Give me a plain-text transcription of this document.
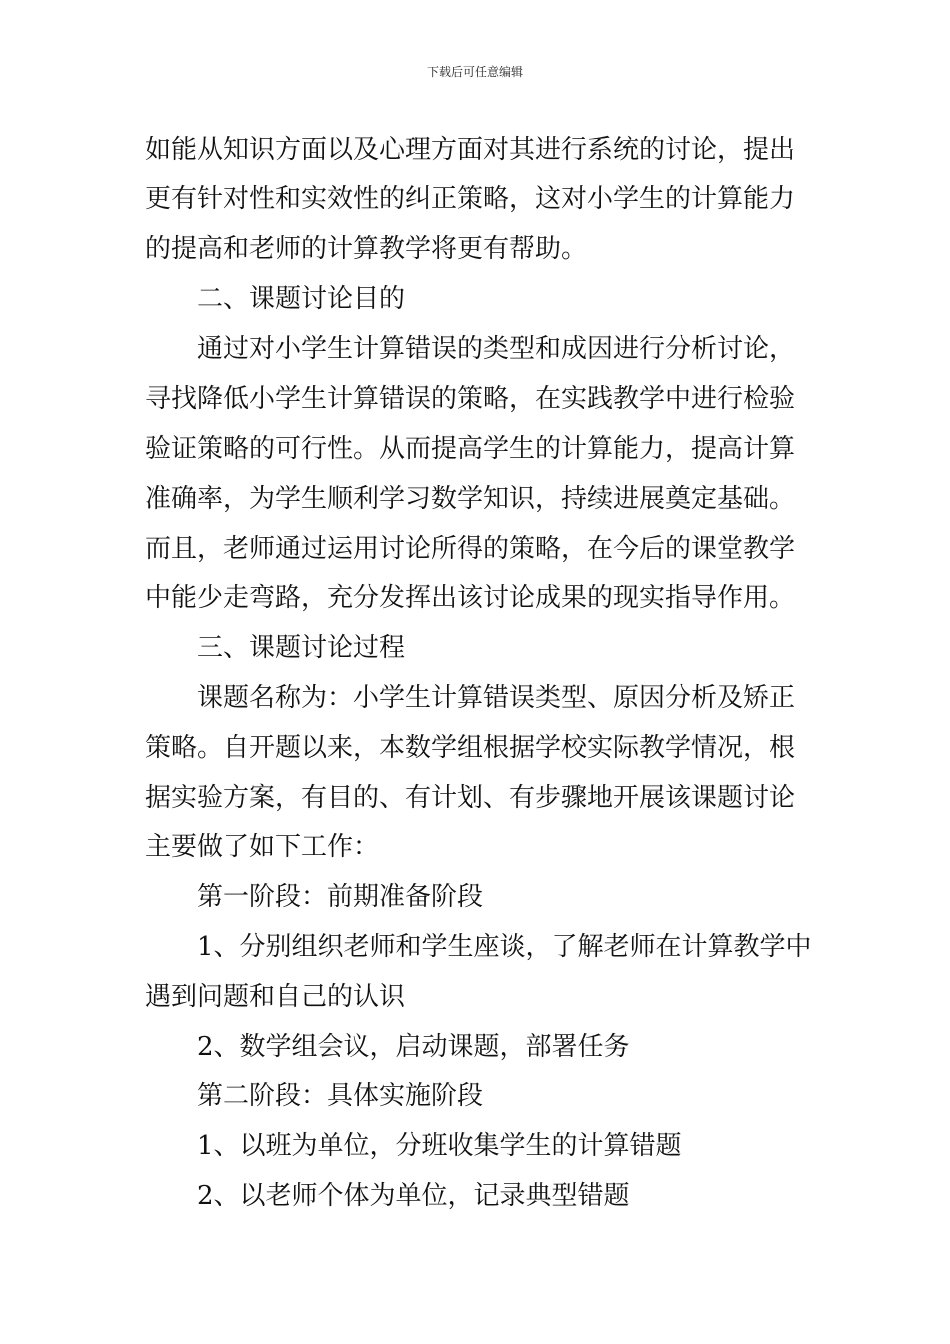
下载后可任意编辑
如能从知识方面以及心理方面对其进行系统的讨论，提出
更有针对性和实效性的纠正策略，这对小学生的计算能力
的提高和老师的计算教学将更有帮助。
二、课题讨论目的
通过对小学生计算错误的类型和成因进行分析讨论，
寻找降低小学生计算错误的策略，在实践教学中进行检验
验证策略的可行性。从而提高学生的计算能力，提高计算
准确率，为学生顺利学习数学知识，持续进展奠定基础。
而且，老师通过运用讨论所得的策略，在今后的课堂教学
中能少走弯路，充分发挥出该讨论成果的现实指导作用。
三、课题讨论过程
课题名称为：小学生计算错误类型、原因分析及矫正
策略。自开题以来，本数学组根据学校实际教学情况，根
据实验方案，有目的、有计划、有步骤地开展该课题讨论
主要做了如下工作：
第一阶段：前期准备阶段
1、分别组织老师和学生座谈，了解老师在计算教学中
遇到问题和自己的认识
2、数学组会议，启动课题，部署任务
第二阶段：具体实施阶段
1、以班为单位，分班收集学生的计算错题
2、以老师个体为单位，记录典型错题
